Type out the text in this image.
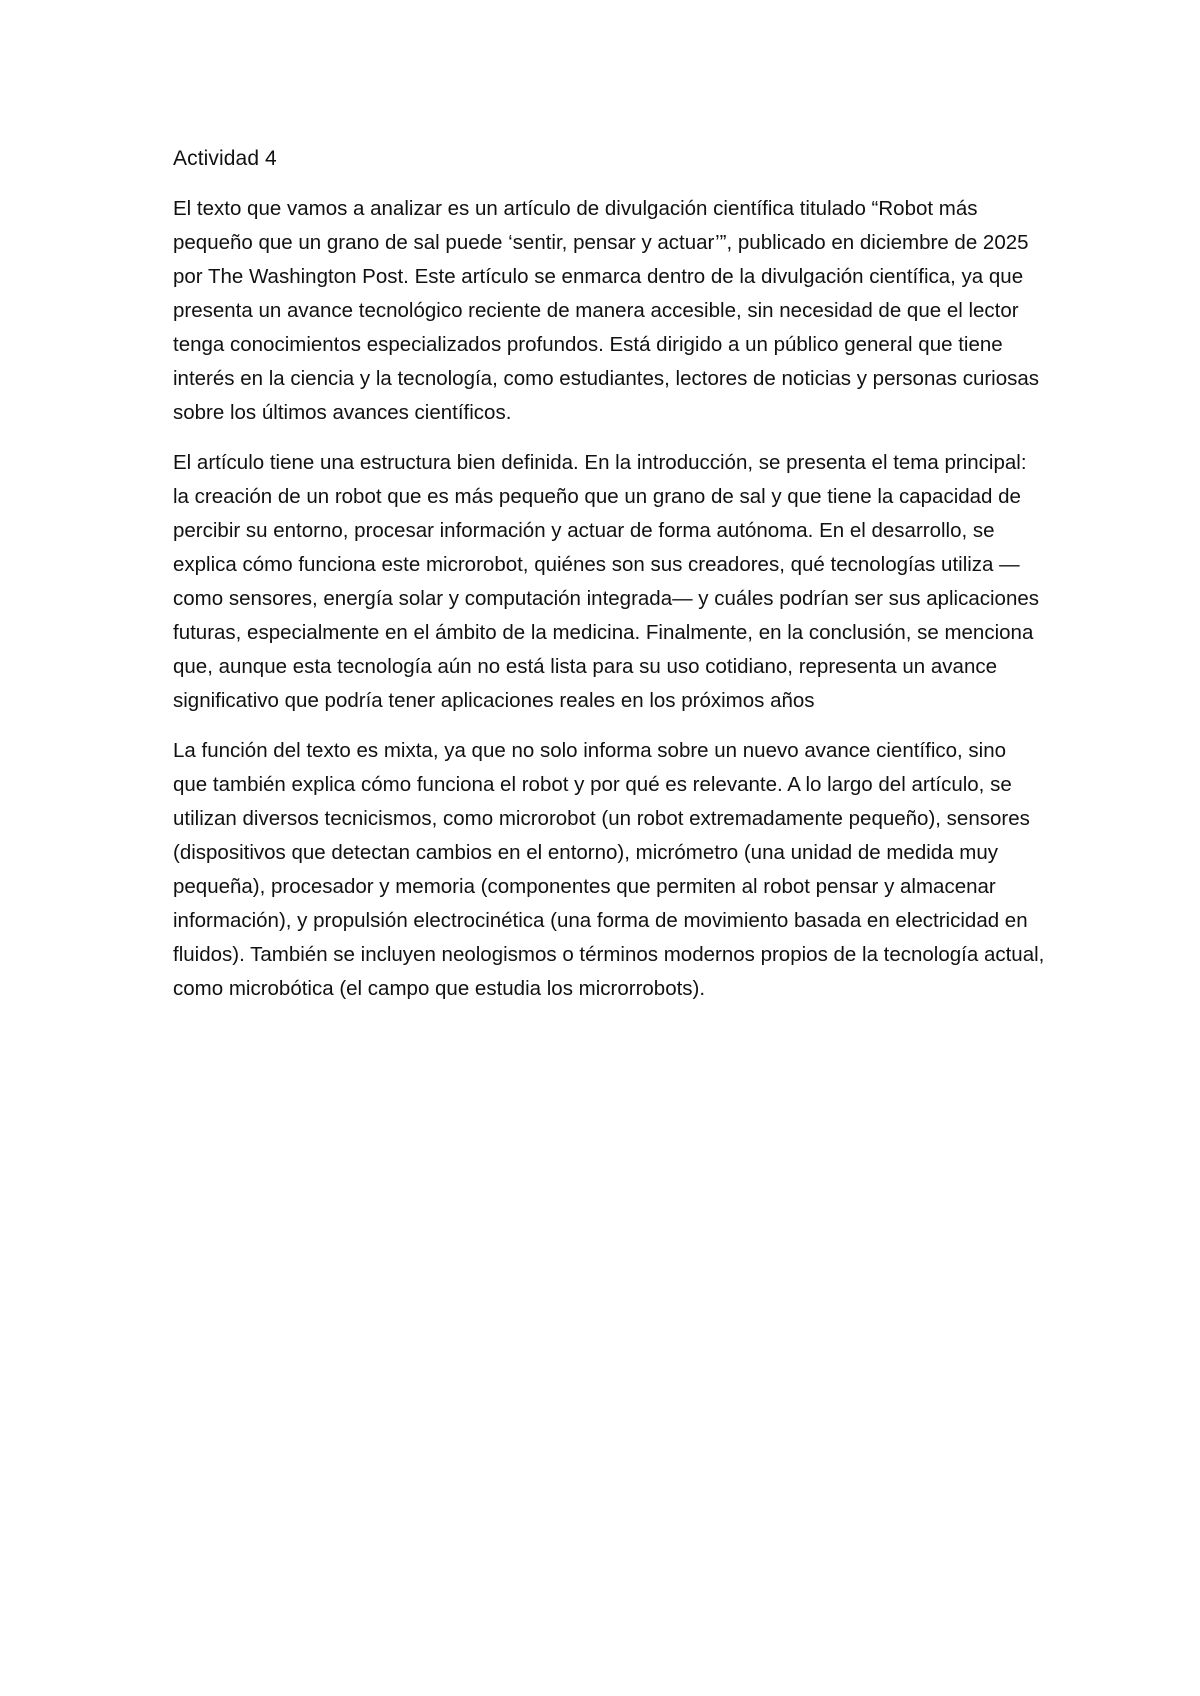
Actividad 4

El texto que vamos a analizar es un artículo de divulgación científica titulado “Robot más pequeño que un grano de sal puede ‘sentir, pensar y actuar’”, publicado en diciembre de 2025 por The Washington Post. Este artículo se enmarca dentro de la divulgación científica, ya que presenta un avance tecnológico reciente de manera accesible, sin necesidad de que el lector tenga conocimientos especializados profundos. Está dirigido a un público general que tiene interés en la ciencia y la tecnología, como estudiantes, lectores de noticias y personas curiosas sobre los últimos avances científicos.

El artículo tiene una estructura bien definida. En la introducción, se presenta el tema principal: la creación de un robot que es más pequeño que un grano de sal y que tiene la capacidad de percibir su entorno, procesar información y actuar de forma autónoma. En el desarrollo, se explica cómo funciona este microrobot, quiénes son sus creadores, qué tecnologías utiliza —como sensores, energía solar y computación integrada— y cuáles podrían ser sus aplicaciones futuras, especialmente en el ámbito de la medicina. Finalmente, en la conclusión, se menciona que, aunque esta tecnología aún no está lista para su uso cotidiano, representa un avance significativo que podría tener aplicaciones reales en los próximos años

La función del texto es mixta, ya que no solo informa sobre un nuevo avance científico, sino que también explica cómo funciona el robot y por qué es relevante. A lo largo del artículo, se utilizan diversos tecnicismos, como microrobot (un robot extremadamente pequeño), sensores (dispositivos que detectan cambios en el entorno), micrómetro (una unidad de medida muy pequeña), procesador y memoria (componentes que permiten al robot pensar y almacenar información), y propulsión electrocinética (una forma de movimiento basada en electricidad en fluidos). También se incluyen neologismos o términos modernos propios de la tecnología actual, como microbótica (el campo que estudia los microrrobots).
